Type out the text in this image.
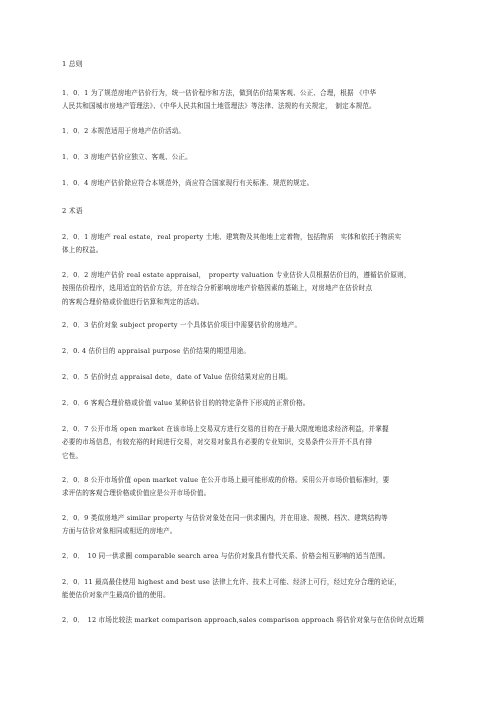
1 总则
1．0．1 为了规范房地产估价行为，统一估价程序和方法，做到估价结果客观、公正、合理，根据 《中华
人民共和国城市房地产管理法》、《中华人民共和国土地管理法》等法律、法规的有关规定，　制定本规范。
1．0．2 本规范适用于房地产估价活动。
1．0．3 房地产估价应独立、客观、公正。
1．0．4 房地产估价除应符合本规范外，尚应符合国家现行有关标准、规范的规定。
2 术语
2．0．1 房地产 real estate，real property 土地、建筑物及其他地上定着物，包括物质　实体和依托于物质实
体上的权益。
2．0．2 房地产估价 real estate appraisal，　property valuation 专业估价人员根据估价目的，遵循估价原则，
按照估价程序，选用适宜的估价方法，并在综合分析影响房地产价格因素的基础上，对房地产在估价时点
的客观合理价格或价值进行估算和判定的活动。
2．0．3 估价对象 subject property 一个具体估价项目中需要估价的房地产。
2．0. 4 估价目的 appraisal purpose 估价结果的期望用途。
2．0．5 估价时点 appraisal dete，date of Value 估价结果对应的日期。
2．0．6 客观合理价格或价值 value 某种估价目的的特定条件下形成的正常价格。
2．0．7 公开市场 open market 在该市场上交易双方进行交易的目的在于最大限度地追求经济利益，并掌握
必要的市场信息，有较充裕的时间进行交易，对交易对象具有必要的专业知识，交易条件公开并不具有排
它性。
2．0．8 公开市场价值 open market value 在公开市场上最可能形成的价格。采用公开市场价值标准时，要
求评估的客观合理价格或价值应是公开市场价值。
2．0．9 类似房地产 similar property 与估价对象处在同一供求圈内，并在用途、规模、档次、建筑结构等
方面与估价对象相同或相近的房地产。
2．0．　10 同一供求圈 comparable search area 与估价对象具有替代关系、价格会相互影响的适当范围。
2．0．11 最高最佳使用 highest and best use 法律上允许、技术上可能、经济上可行，经过充分合理的论证，
能使估价对象产生最高价值的使用。
2．0．　12 市场比较法 market comparison approach,sales comparison approach 将估价对象与在估价时点近期
